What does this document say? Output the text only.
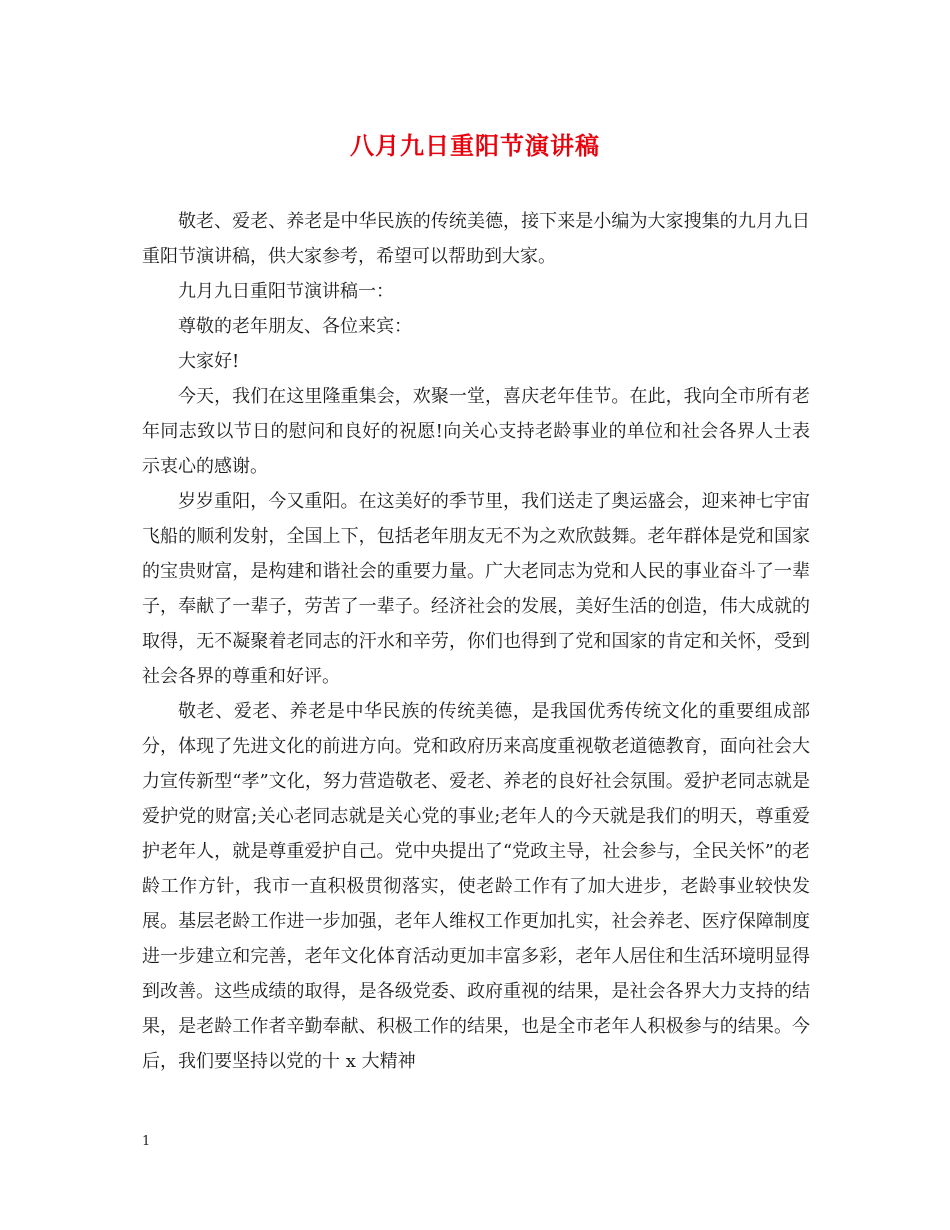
八月九日重阳节演讲稿

敬老、爱老、养老是中华民族的传统美德，接下来是小编为大家搜集的九月九日重阳节演讲稿，供大家参考，希望可以帮助到大家。

九月九日重阳节演讲稿一：

尊敬的老年朋友、各位来宾：

大家好!

今天，我们在这里隆重集会，欢聚一堂，喜庆老年佳节。在此，我向全市所有老年同志致以节日的慰问和良好的祝愿!向关心支持老龄事业的单位和社会各界人士表示衷心的感谢。

岁岁重阳，今又重阳。在这美好的季节里，我们送走了奥运盛会，迎来神七宇宙飞船的顺利发射，全国上下，包括老年朋友无不为之欢欣鼓舞。老年群体是党和国家的宝贵财富，是构建和谐社会的重要力量。广大老同志为党和人民的事业奋斗了一辈子，奉献了一辈子，劳苦了一辈子。经济社会的发展，美好生活的创造，伟大成就的取得，无不凝聚着老同志的汗水和辛劳，你们也得到了党和国家的肯定和关怀，受到社会各界的尊重和好评。

敬老、爱老、养老是中华民族的传统美德，是我国优秀传统文化的重要组成部分，体现了先进文化的前进方向。党和政府历来高度重视敬老道德教育，面向社会大力宣传新型“孝”文化，努力营造敬老、爱老、养老的良好社会氛围。爱护老同志就是爱护党的财富;关心老同志就是关心党的事业;老年人的今天就是我们的明天，尊重爱护老年人，就是尊重爱护自己。党中央提出了“党政主导，社会参与，全民关怀”的老龄工作方针，我市一直积极贯彻落实，使老龄工作有了加大进步，老龄事业较快发展。基层老龄工作进一步加强，老年人维权工作更加扎实，社会养老、医疗保障制度进一步建立和完善，老年文化体育活动更加丰富多彩，老年人居住和生活环境明显得到改善。这些成绩的取得，是各级党委、政府重视的结果，是社会各界大力支持的结果，是老龄工作者辛勤奉献、积极工作的结果，也是全市老年人积极参与的结果。今后，我们要坚持以党的十 x 大精神

1
